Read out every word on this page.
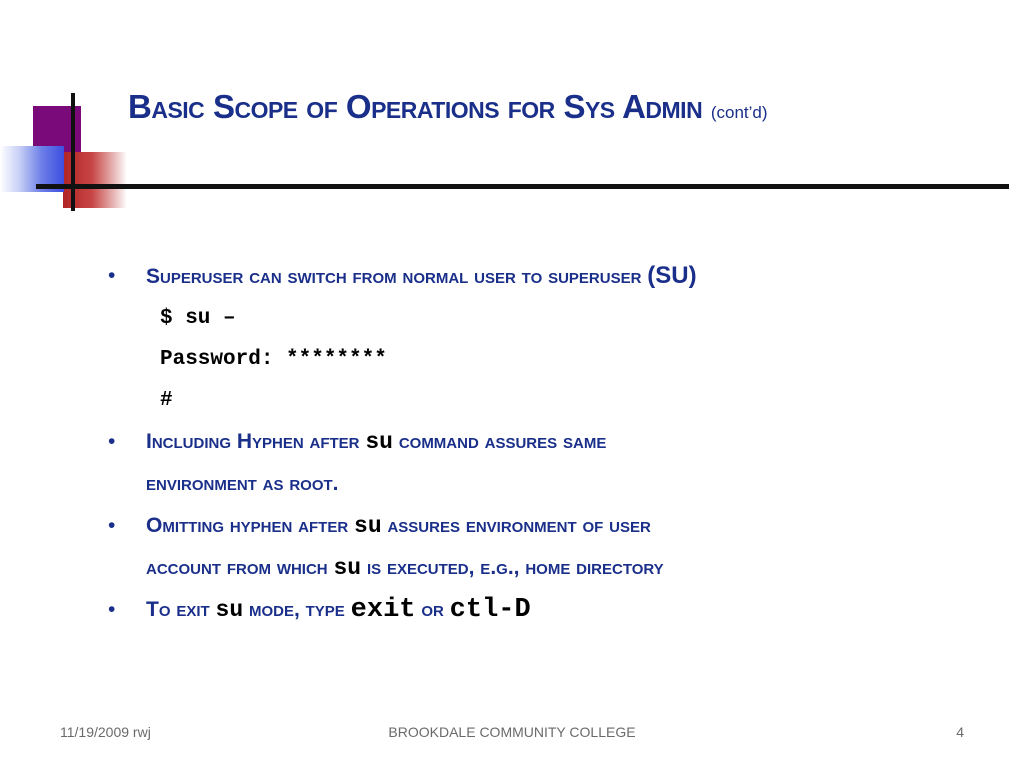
Basic Scope of Operations for Sys Admin (cont’d)
• Superuser can switch from normal user to superuser (SU)
$ su –
Password: ********
#
• Including Hyphen after su command assures same
environment as root.
• Omitting hyphen after su assures environment of user
account from which su is executed, e.g., home directory
• To exit su mode, type exit or ctl-D
11/19/2009 rwj	BROOKDALE COMMUNITY COLLEGE	4
